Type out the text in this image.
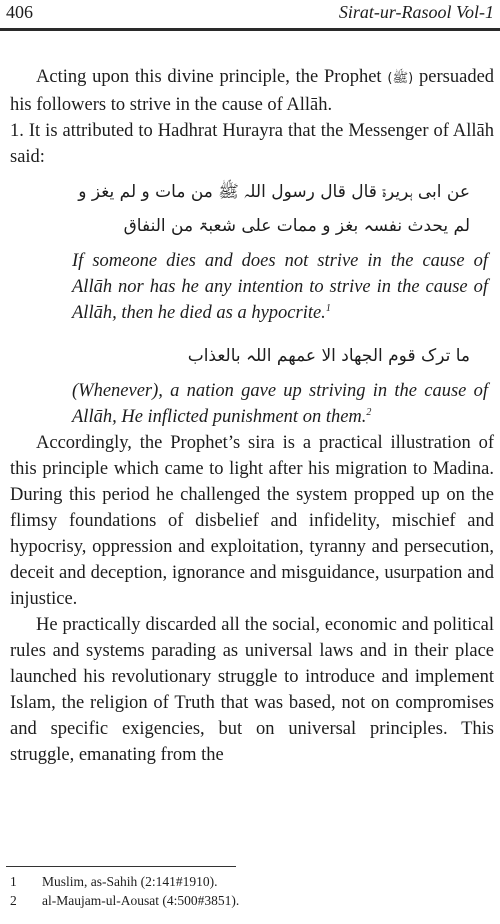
406	Sirat-ur-Rasool Vol-1

Acting upon this divine principle, the Prophet (ﷺ) persuaded his followers to strive in the cause of Allāh.

1. It is attributed to Hadhrat Hurayra that the Messenger of Allāh said:

عن ابی ہریرۃ قال قال رسول اللہ ﷺ من مات و لم یغز و

لم یحدث نفسہ بغز و ممات علی شعبۃ من النفاق

If someone dies and does not strive in the cause of Allāh nor has he any intention to strive in the cause of Allāh, then he died as a hypocrite.$^1$

ما ترک قوم الجھاد الا عمھم اللہ بالعذاب

(Whenever), a nation gave up striving in the cause of Allāh, He inflicted punishment on them.$^2$

Accordingly, the Prophet’s sira is a practical illustration of this principle which came to light after his migration to Madina. During this period he challenged the system propped up on the flimsy foundations of disbelief and infidelity, mischief and hypocrisy, oppression and exploitation, tyranny and persecution, deceit and deception, ignorance and misguidance, usurpation and injustice.

He practically discarded all the social, economic and political rules and systems parading as universal laws and in their place launched his revolutionary struggle to introduce and implement Islam, the religion of Truth that was based, not on compromises and specific exigencies, but on universal principles. This struggle, emanating from the

1 Muslim, as-Sahih (2:141#1910).
2 al-Maujam-ul-Aousat (4:500#3851).
